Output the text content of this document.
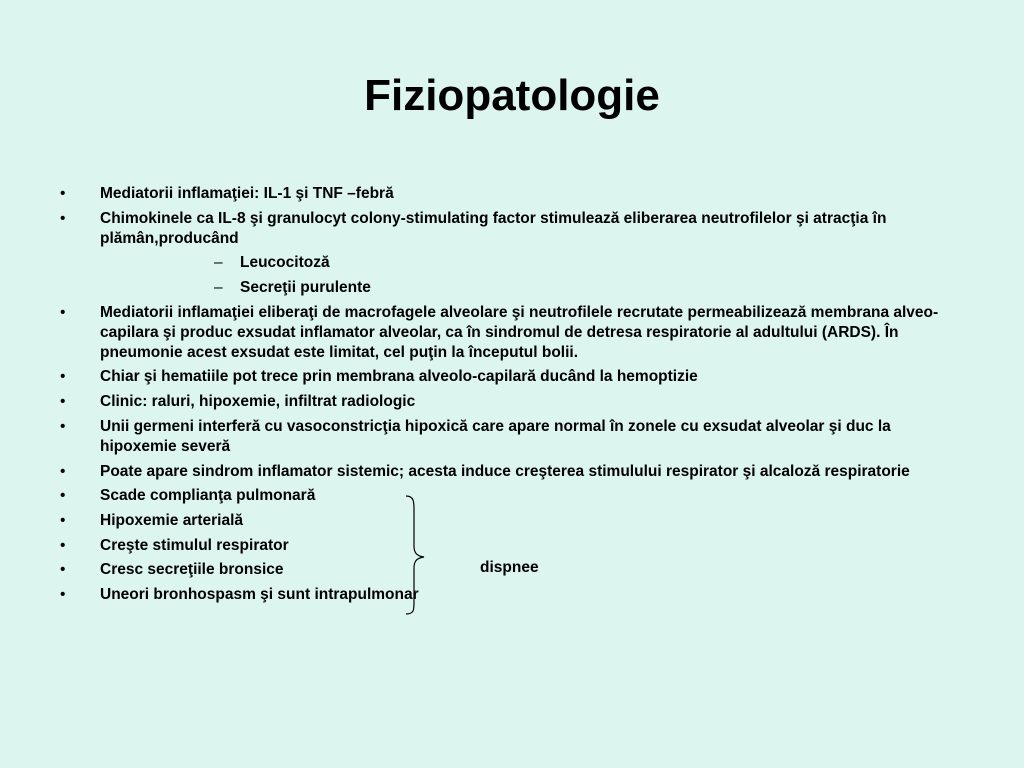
Fiziopatologie
•	Mediatorii inflamaţiei: IL-1 şi TNF –febră
•	Chimokinele ca IL-8 şi granulocyt colony-stimulating factor stimulează eliberarea neutrofilelor şi atracţia în plămân,producând
– Leucocitoză
– Secreţii purulente
•	Mediatorii inflamaţiei eliberaţi de macrofagele alveolare şi neutrofilele recrutate permeabilizează membrana alveo-capilara şi produc exsudat inflamator alveolar, ca în sindromul de detresa respiratorie al adultului (ARDS). În pneumonie acest exsudat este limitat, cel puţin la începutul bolii.
•	Chiar şi hematiile pot trece prin membrana alveolo-capilară ducând la hemoptizie
•	Clinic: raluri, hipoxemie, infiltrat radiologic
•	Unii germeni interferă cu vasoconstricţia hipoxică care apare normal în zonele cu exsudat alveolar şi duc la hipoxemie severă
•	Poate apare sindrom inflamator sistemic; acesta induce creşterea stimulului respirator şi alcaloză respiratorie
•	Scade complianţa pulmonară
•	Hipoxemie arterială
•	Creşte stimulul respirator
•	Cresc secreţiile bronsice
•	Uneori bronhospasm şi sunt intrapulmonar
dispnee
